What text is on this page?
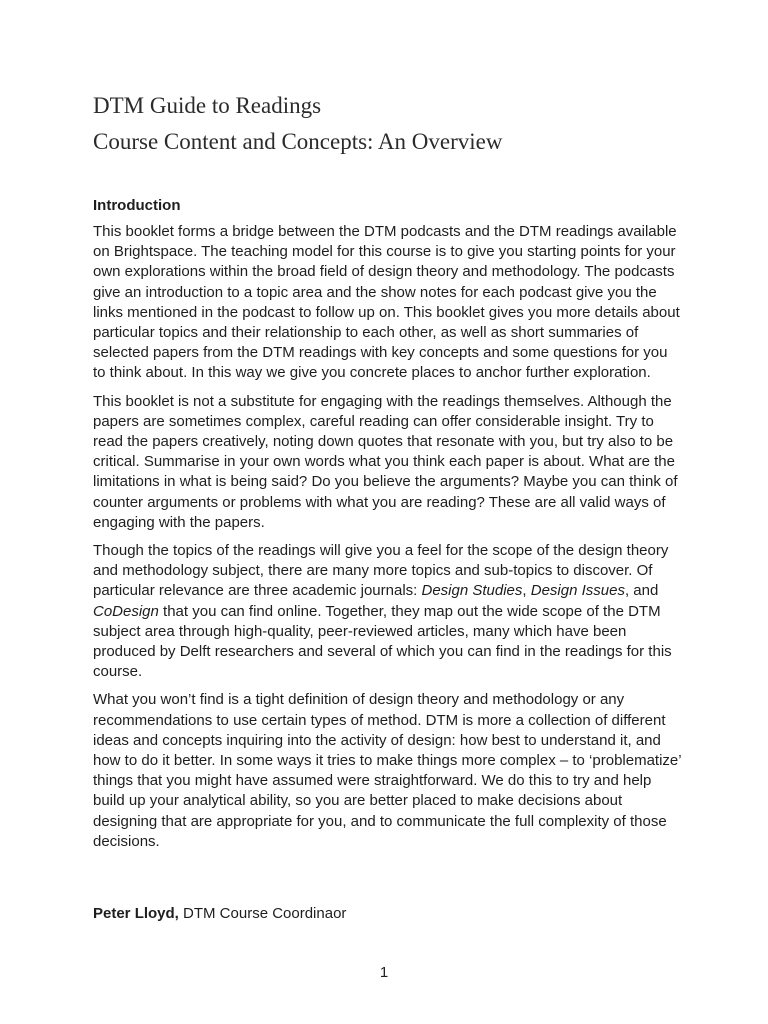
DTM Guide to Readings
Course Content and Concepts: An Overview
Introduction

This booklet forms a bridge between the DTM podcasts and the DTM readings available on Brightspace. The teaching model for this course is to give you starting points for your own explorations within the broad field of design theory and methodology. The podcasts give an introduction to a topic area and the show notes for each podcast give you the links mentioned in the podcast to follow up on. This booklet gives you more details about particular topics and their relationship to each other, as well as short summaries of selected papers from the DTM readings with key concepts and some questions for you to think about. In this way we give you concrete places to anchor further exploration.

This booklet is not a substitute for engaging with the readings themselves. Although the papers are sometimes complex, careful reading can offer considerable insight. Try to read the papers creatively, noting down quotes that resonate with you, but try also to be critical. Summarise in your own words what you think each paper is about. What are the limitations in what is being said? Do you believe the arguments? Maybe you can think of counter arguments or problems with what you are reading? These are all valid ways of engaging with the papers.

Though the topics of the readings will give you a feel for the scope of the design theory and methodology subject, there are many more topics and sub-topics to discover. Of particular relevance are three academic journals: Design Studies, Design Issues, and CoDesign that you can find online. Together, they map out the wide scope of the DTM subject area through high-quality, peer-reviewed articles, many which have been produced by Delft researchers and several of which you can find in the readings for this course.

What you won’t find is a tight definition of design theory and methodology or any recommendations to use certain types of method. DTM is more a collection of different ideas and concepts inquiring into the activity of design: how best to understand it, and how to do it better. In some ways it tries to make things more complex – to ‘problematize’ things that you might have assumed were straightforward. We do this to try and help build up your analytical ability, so you are better placed to make decisions about designing that are appropriate for you, and to communicate the full complexity of those decisions.

Peter Lloyd, DTM Course Coordinaor

1
